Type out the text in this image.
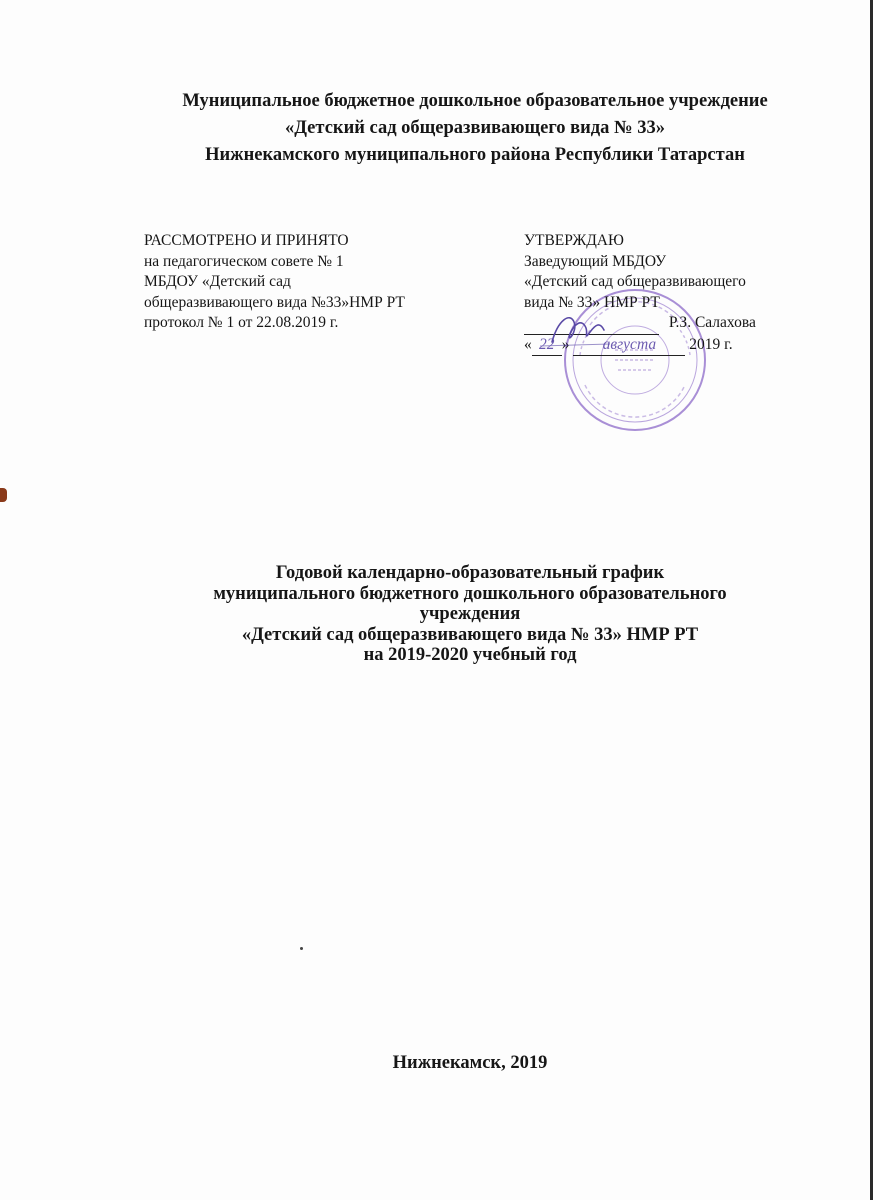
Муниципальное бюджетное дошкольное образовательное учреждение
«Детский сад общеразвивающего вида № 33»
Нижнекамского муниципального района Республики Татарстан
РАССМОТРЕНО И ПРИНЯТО
на педагогическом совете № 1
МБДОУ «Детский сад
общеразвивающего вида №33»НМР РТ
протокол № 1 от 22.08.2019 г.
УТВЕРЖДАЮ
Заведующий МБДОУ
«Детский сад общеразвивающего
вида № 33» НМР РТ
Р.З. Салахова
« 22 » августа 2019 г.
Годовой календарно-образовательный график
муниципального бюджетного дошкольного образовательного
учреждения
«Детский сад общеразвивающего вида № 33» НМР РТ
на 2019-2020 учебный год
Нижнекамск, 2019
